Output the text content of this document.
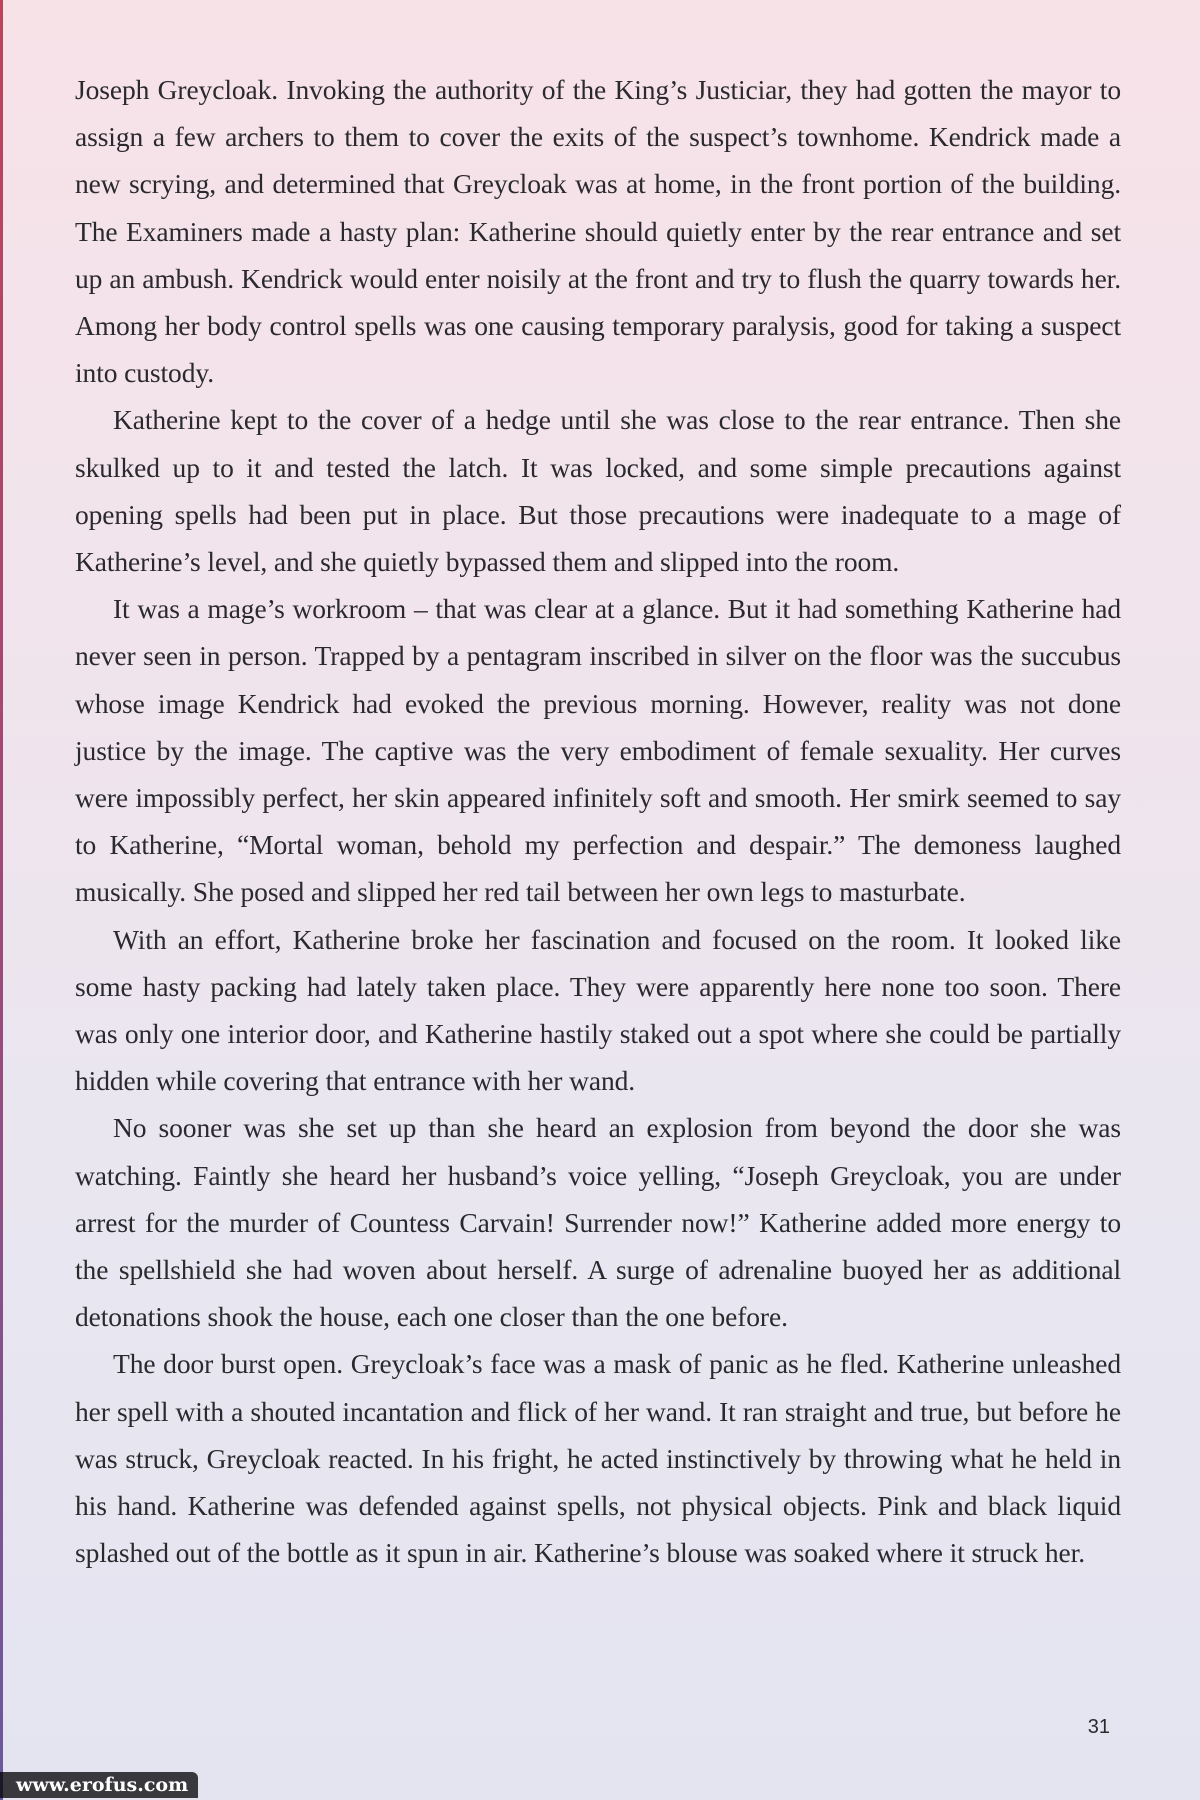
Joseph Greycloak. Invoking the authority of the King’s Justiciar, they had gotten the mayor to assign a few archers to them to cover the exits of the suspect’s townhome. Kendrick made a new scrying, and determined that Greycloak was at home, in the front portion of the building. The Examiners made a hasty plan: Katherine should quietly enter by the rear entrance and set up an ambush. Kendrick would enter noisily at the front and try to flush the quarry towards her. Among her body control spells was one causing temporary paralysis, good for taking a suspect into custody.

Katherine kept to the cover of a hedge until she was close to the rear entrance. Then she skulked up to it and tested the latch. It was locked, and some simple precautions against opening spells had been put in place. But those precautions were inadequate to a mage of Katherine’s level, and she quietly bypassed them and slipped into the room.

It was a mage’s workroom – that was clear at a glance. But it had something Katherine had never seen in person. Trapped by a pentagram inscribed in silver on the floor was the succubus whose image Kendrick had evoked the previous morning. However, reality was not done justice by the image. The captive was the very embodiment of female sexuality. Her curves were impossibly perfect, her skin appeared infinitely soft and smooth. Her smirk seemed to say to Katherine, “Mortal woman, behold my perfection and despair.” The demoness laughed musically. She posed and slipped her red tail between her own legs to masturbate.

With an effort, Katherine broke her fascination and focused on the room. It looked like some hasty packing had lately taken place. They were apparently here none too soon. There was only one interior door, and Katherine hastily staked out a spot where she could be partially hidden while covering that entrance with her wand.

No sooner was she set up than she heard an explosion from beyond the door she was watching. Faintly she heard her husband’s voice yelling, “Joseph Greycloak, you are under arrest for the murder of Countess Carvain! Surrender now!” Katherine added more energy to the spellshield she had woven about herself. A surge of adrenaline buoyed her as additional detonations shook the house, each one closer than the one before.

The door burst open. Greycloak’s face was a mask of panic as he fled. Katherine unleashed her spell with a shouted incantation and flick of her wand. It ran straight and true, but before he was struck, Greycloak reacted. In his fright, he acted instinctively by throwing what he held in his hand. Katherine was defended against spells, not physical objects. Pink and black liquid splashed out of the bottle as it spun in air. Katherine’s blouse was soaked where it struck her.

31
www.erofus.com
